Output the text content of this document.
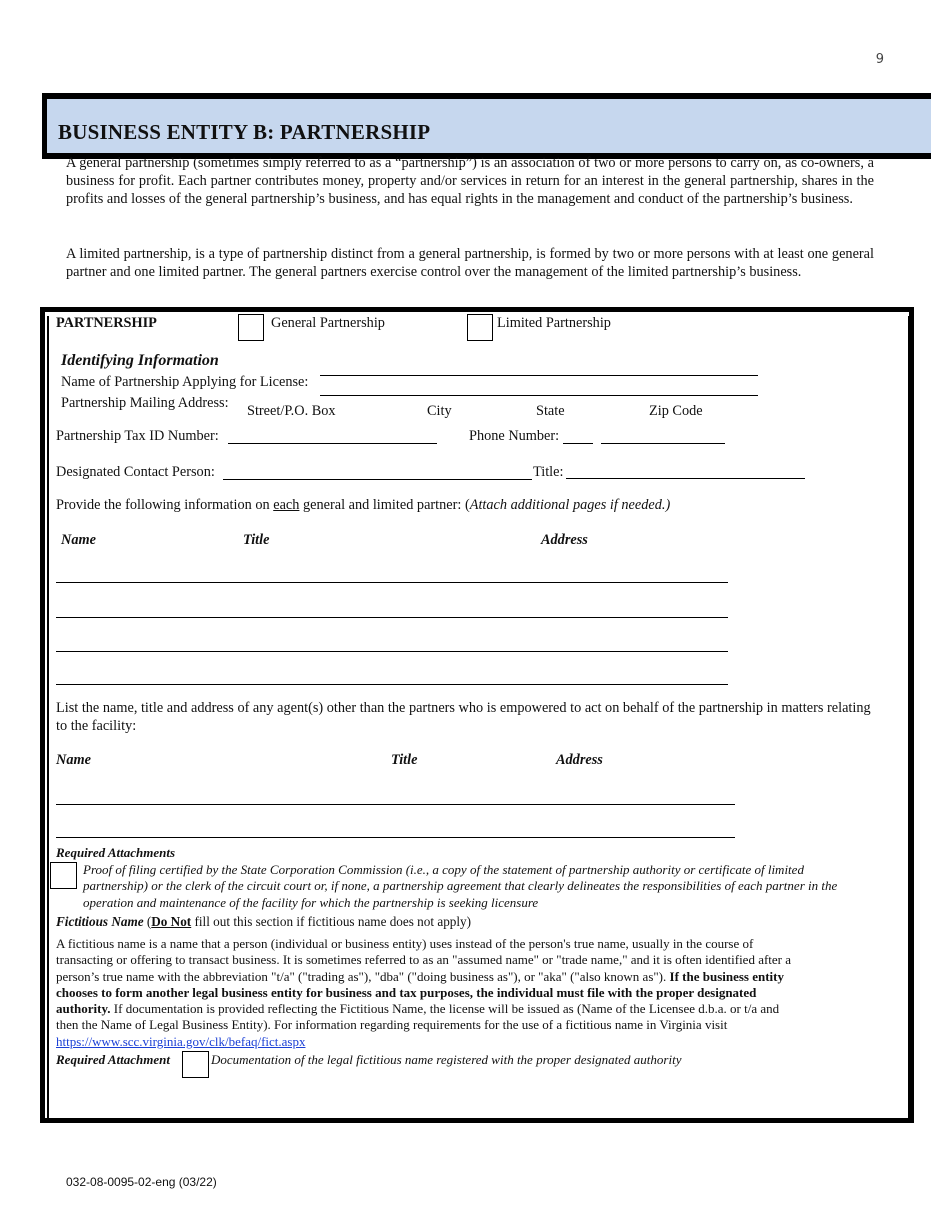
9
BUSINESS ENTITY B: PARTNERSHIP
A general partnership (sometimes simply referred to as a “partnership”) is an association of two or more persons to carry on, as co-owners, a business for profit. Each partner contributes money, property and/or services in return for an interest in the general partnership, shares in the profits and losses of the general partnership’s business, and has equal rights in the management and conduct of the partnership’s business.
A limited partnership, is a type of partnership distinct from a general partnership, is formed by two or more persons with at least one general partner and one limited partner. The general partners exercise control over the management of the limited partnership’s business.
PARTNERSHIP	General Partnership	Limited Partnership
Identifying Information
Name of Partnership Applying for License:
Partnership Mailing Address: Street/P.O. Box	City	State	Zip Code
Partnership Tax ID Number:	Phone Number:
Designated Contact Person:	Title:
Provide the following information on each general and limited partner: (Attach additional pages if needed.)
Name	Title	Address
List the name, title and address of any agent(s) other than the partners who is empowered to act on behalf of the partnership in matters relating to the facility:
Name	Title	Address
Required Attachments
Proof of filing certified by the State Corporation Commission (i.e., a copy of the statement of partnership authority or certificate of limited partnership) or the clerk of the circuit court or, if none, a partnership agreement that clearly delineates the responsibilities of each partner in the operation and maintenance of the facility for which the partnership is seeking licensure
Fictitious Name (Do Not fill out this section if fictitious name does not apply)
A fictitious name is a name that a person (individual or business entity) uses instead of the person's true name, usually in the course of transacting or offering to transact business. It is sometimes referred to as an "assumed name" or "trade name," and it is often identified after a person’s true name with the abbreviation "t/a" ("trading as"), "dba" ("doing business as"), or "aka" ("also known as"). If the business entity chooses to form another legal business entity for business and tax purposes, the individual must file with the proper designated authority. If documentation is provided reflecting the Fictitious Name, the license will be issued as (Name of the Licensee d.b.a. or t/a and then the Name of Legal Business Entity). For information regarding requirements for the use of a fictitious name in Virginia visit https://www.scc.virginia.gov/clk/befaq/fict.aspx
Required Attachment	Documentation of the legal fictitious name registered with the proper designated authority
032-08-0095-02-eng (03/22)
